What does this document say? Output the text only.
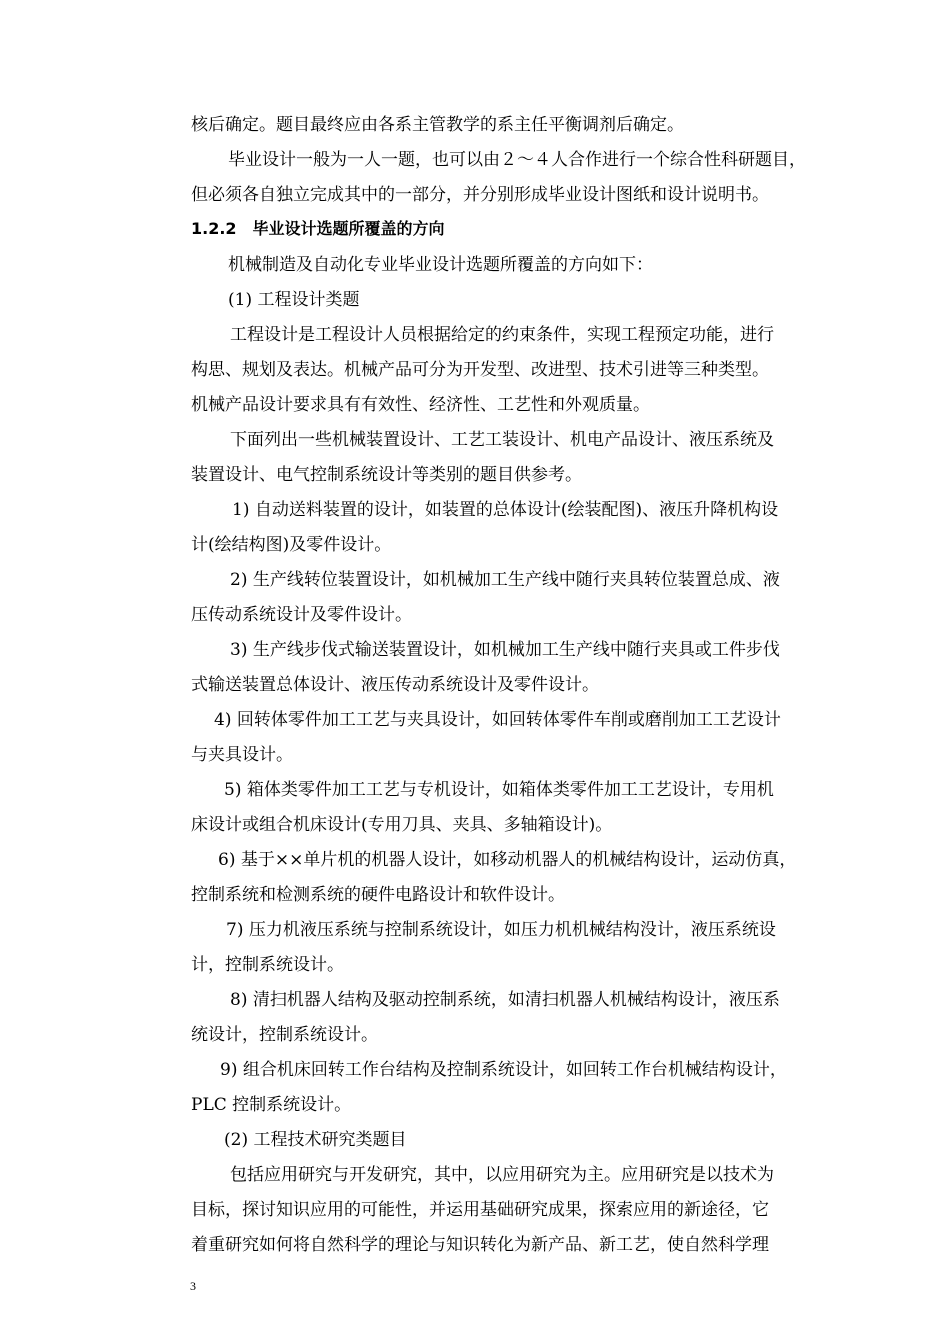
核后确定。题目最终应由各系主管教学的系主任平衡调剂后确定。

毕业设计一般为一人一题，也可以由２～４人合作进行一个综合性科研题目，

但必须各自独立完成其中的一部分，并分别形成毕业设计图纸和设计说明书。

1.2.2　毕业设计选题所覆盖的方向

机械制造及自动化专业毕业设计选题所覆盖的方向如下：

(1) 工程设计类题

工程设计是工程设计人员根据给定的约束条件，实现工程预定功能，进行

构思、规划及表达。机械产品可分为开发型、改进型、技术引进等三种类型。

机械产品设计要求具有有效性、经济性、工艺性和外观质量。

下面列出一些机械装置设计、工艺工装设计、机电产品设计、液压系统及

装置设计、电气控制系统设计等类别的题目供参考。

1) 自动送料装置的设计，如装置的总体设计(绘装配图)、液压升降机构设

计(绘结构图)及零件设计。

2) 生产线转位装置设计，如机械加工生产线中随行夹具转位装置总成、液

压传动系统设计及零件设计。

3) 生产线步伐式输送装置设计，如机械加工生产线中随行夹具或工件步伐

式输送装置总体设计、液压传动系统设计及零件设计。

4) 回转体零件加工工艺与夹具设计，如回转体零件车削或磨削加工工艺设计

与夹具设计。

5) 箱体类零件加工工艺与专机设计，如箱体类零件加工工艺设计，专用机

床设计或组合机床设计(专用刀具、夹具、多轴箱设计)。

6) 基于××单片机的机器人设计，如移动机器人的机械结构设计，运动仿真，

控制系统和检测系统的硬件电路设计和软件设计。

7) 压力机液压系统与控制系统设计，如压力机机械结构没计，液压系统设

计，控制系统设计。

8) 清扫机器人结构及驱动控制系统，如清扫机器人机械结构设计，液压系

统设计，控制系统设计。

9) 组合机床回转工作台结构及控制系统设计，如回转工作台机械结构设计，

PLC 控制系统设计。

(2) 工程技术研究类题目

包括应用研究与开发研究，其中，以应用研究为主。应用研究是以技术为

目标，探讨知识应用的可能性，并运用基础研究成果，探索应用的新途径，它

着重研究如何将自然科学的理论与知识转化为新产品、新工艺，使自然科学理

3
